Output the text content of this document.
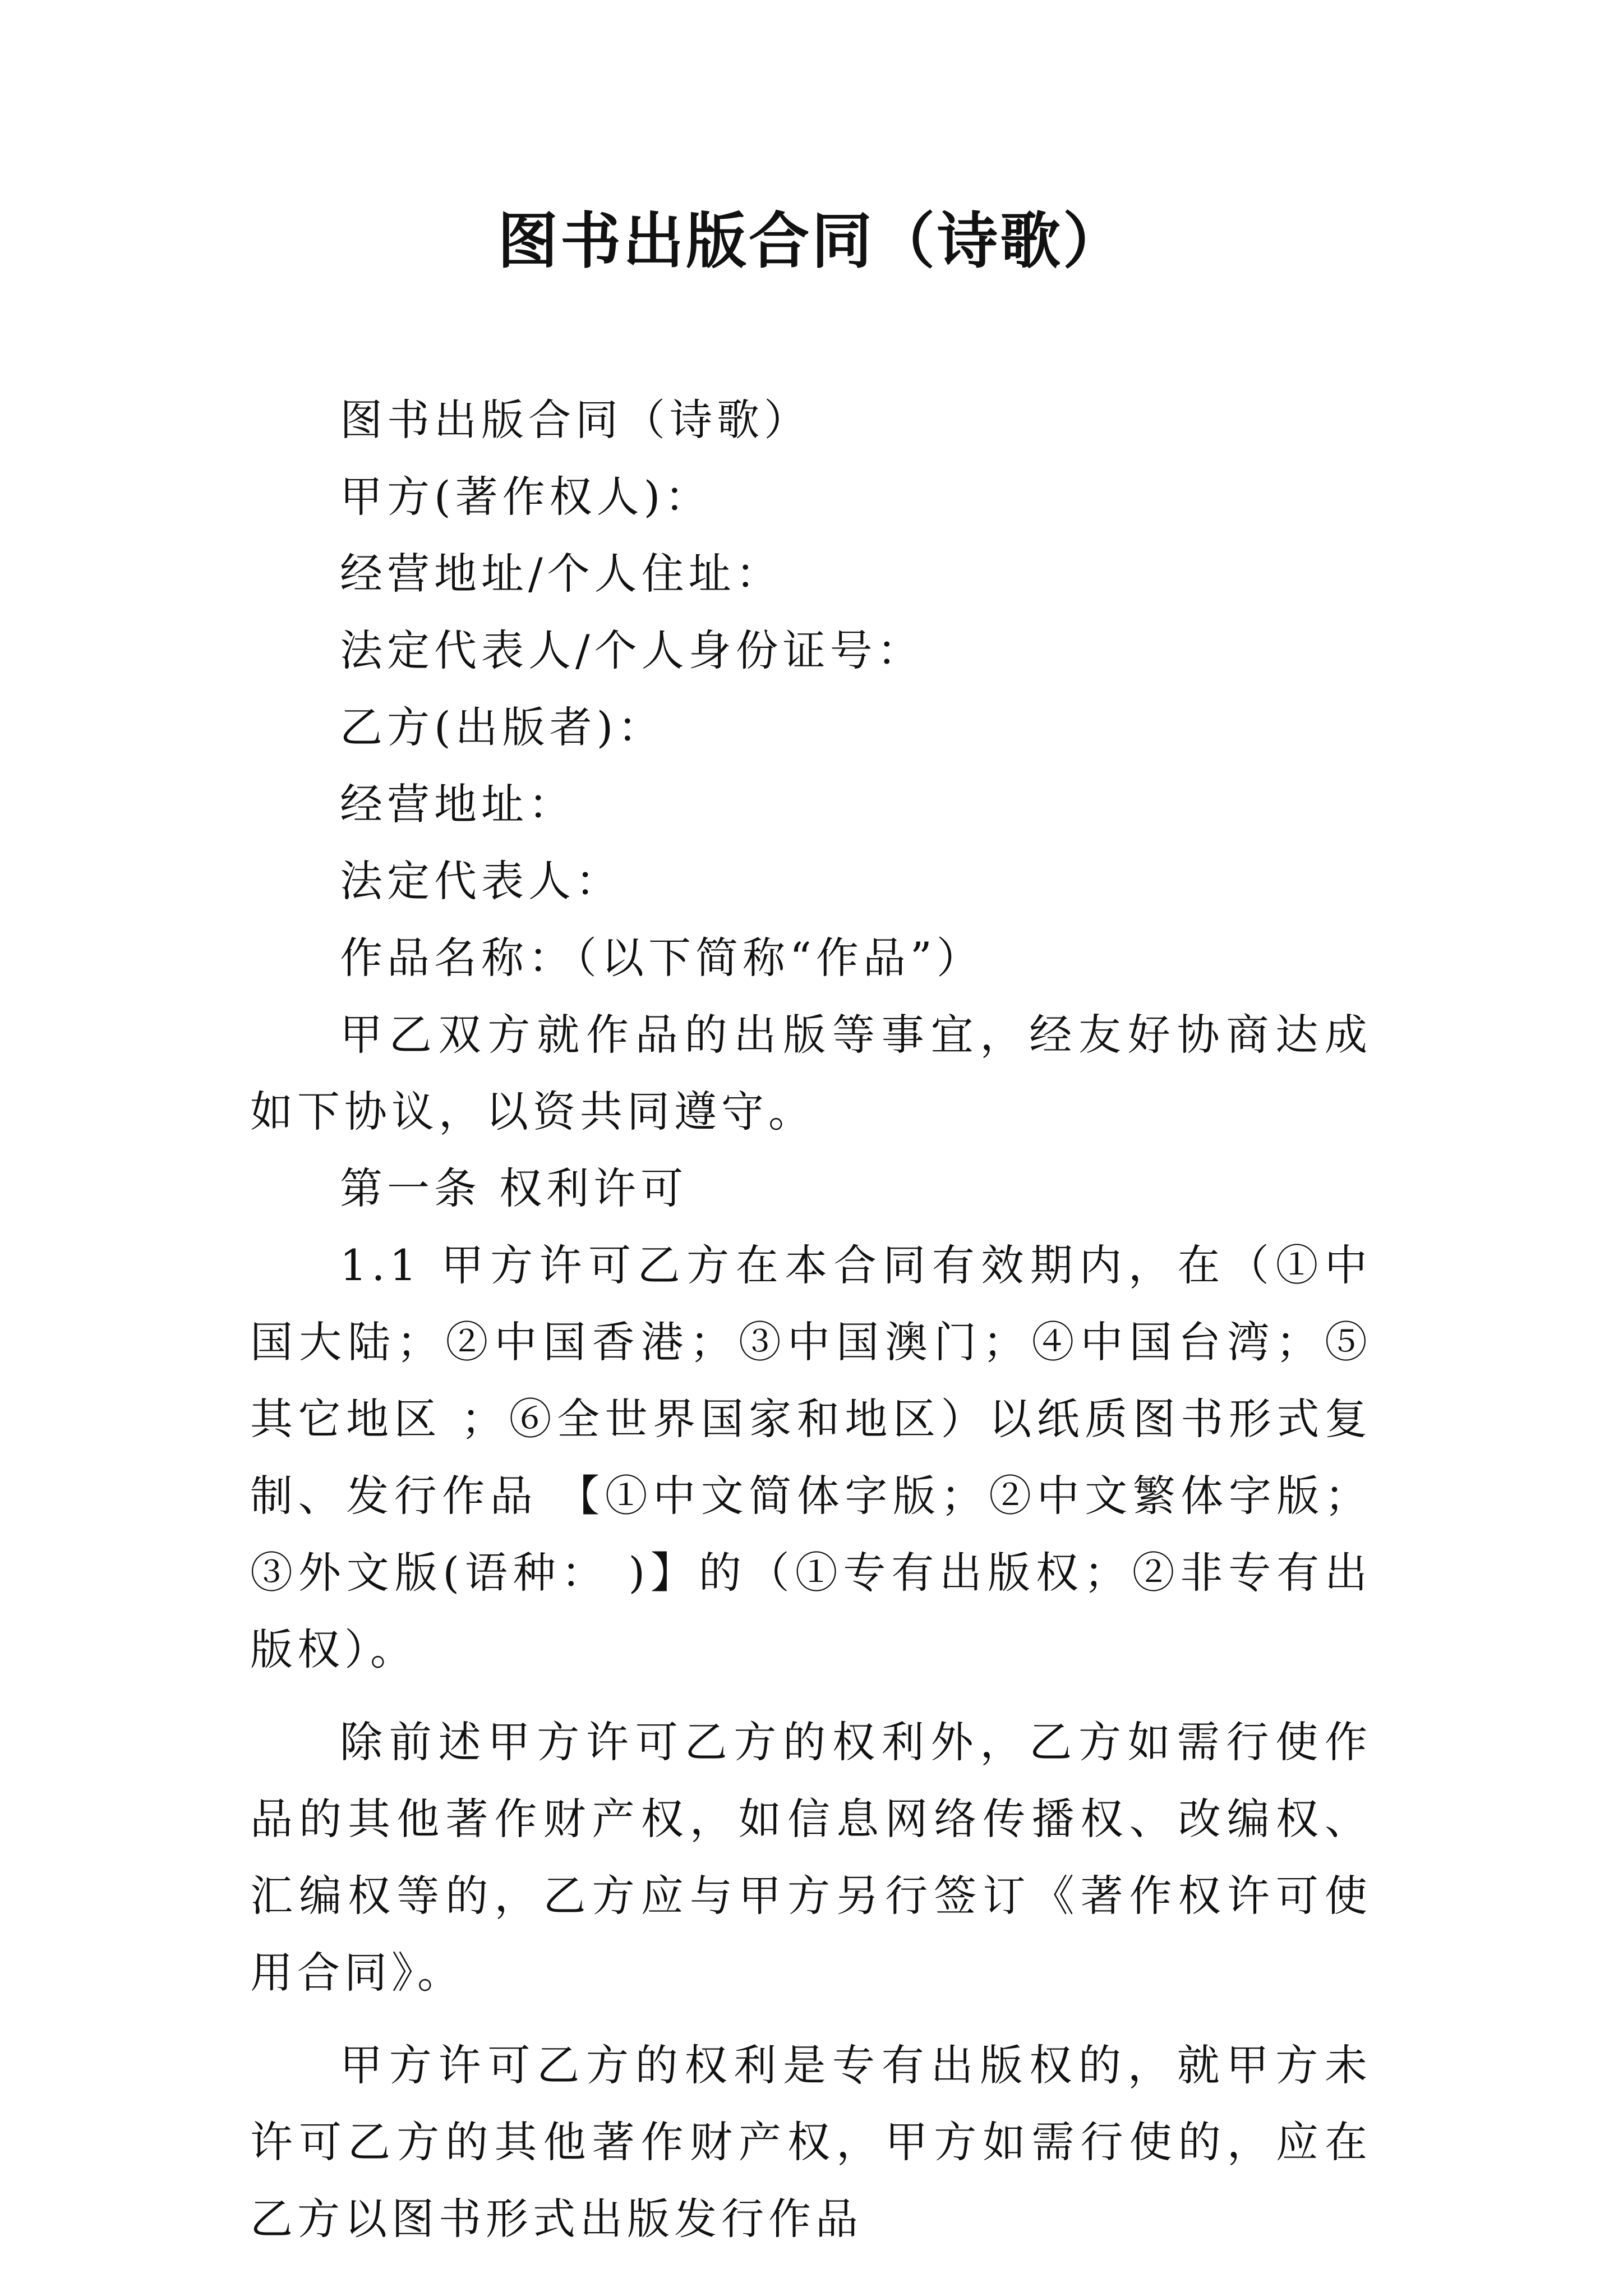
图书出版合同（诗歌）

图书出版合同（诗歌）

甲方(著作权人)：

经营地址/个人住址：

法定代表人/个人身份证号：

乙方(出版者)：

经营地址：

法定代表人：

作品名称：（以下简称“作品”）

甲乙双方就作品的出版等事宜，经友好协商达成如下协议，以资共同遵守。

第一条 权利许可

1.1 甲方许可乙方在本合同有效期内，在（①中国大陆；②中国香港；③中国澳门；④中国台湾；⑤其它地区 ；⑥全世界国家和地区）以纸质图书形式复制、发行作品 【①中文简体字版；②中文繁体字版；③外文版(语种： )】的（①专有出版权；②非专有出版权）。

除前述甲方许可乙方的权利外，乙方如需行使作品的其他著作财产权，如信息网络传播权、改编权、汇编权等的，乙方应与甲方另行签订《著作权许可使用合同》。

甲方许可乙方的权利是专有出版权的，就甲方未许可乙方的其他著作财产权，甲方如需行使的，应在乙方以图书形式出版发行作品
